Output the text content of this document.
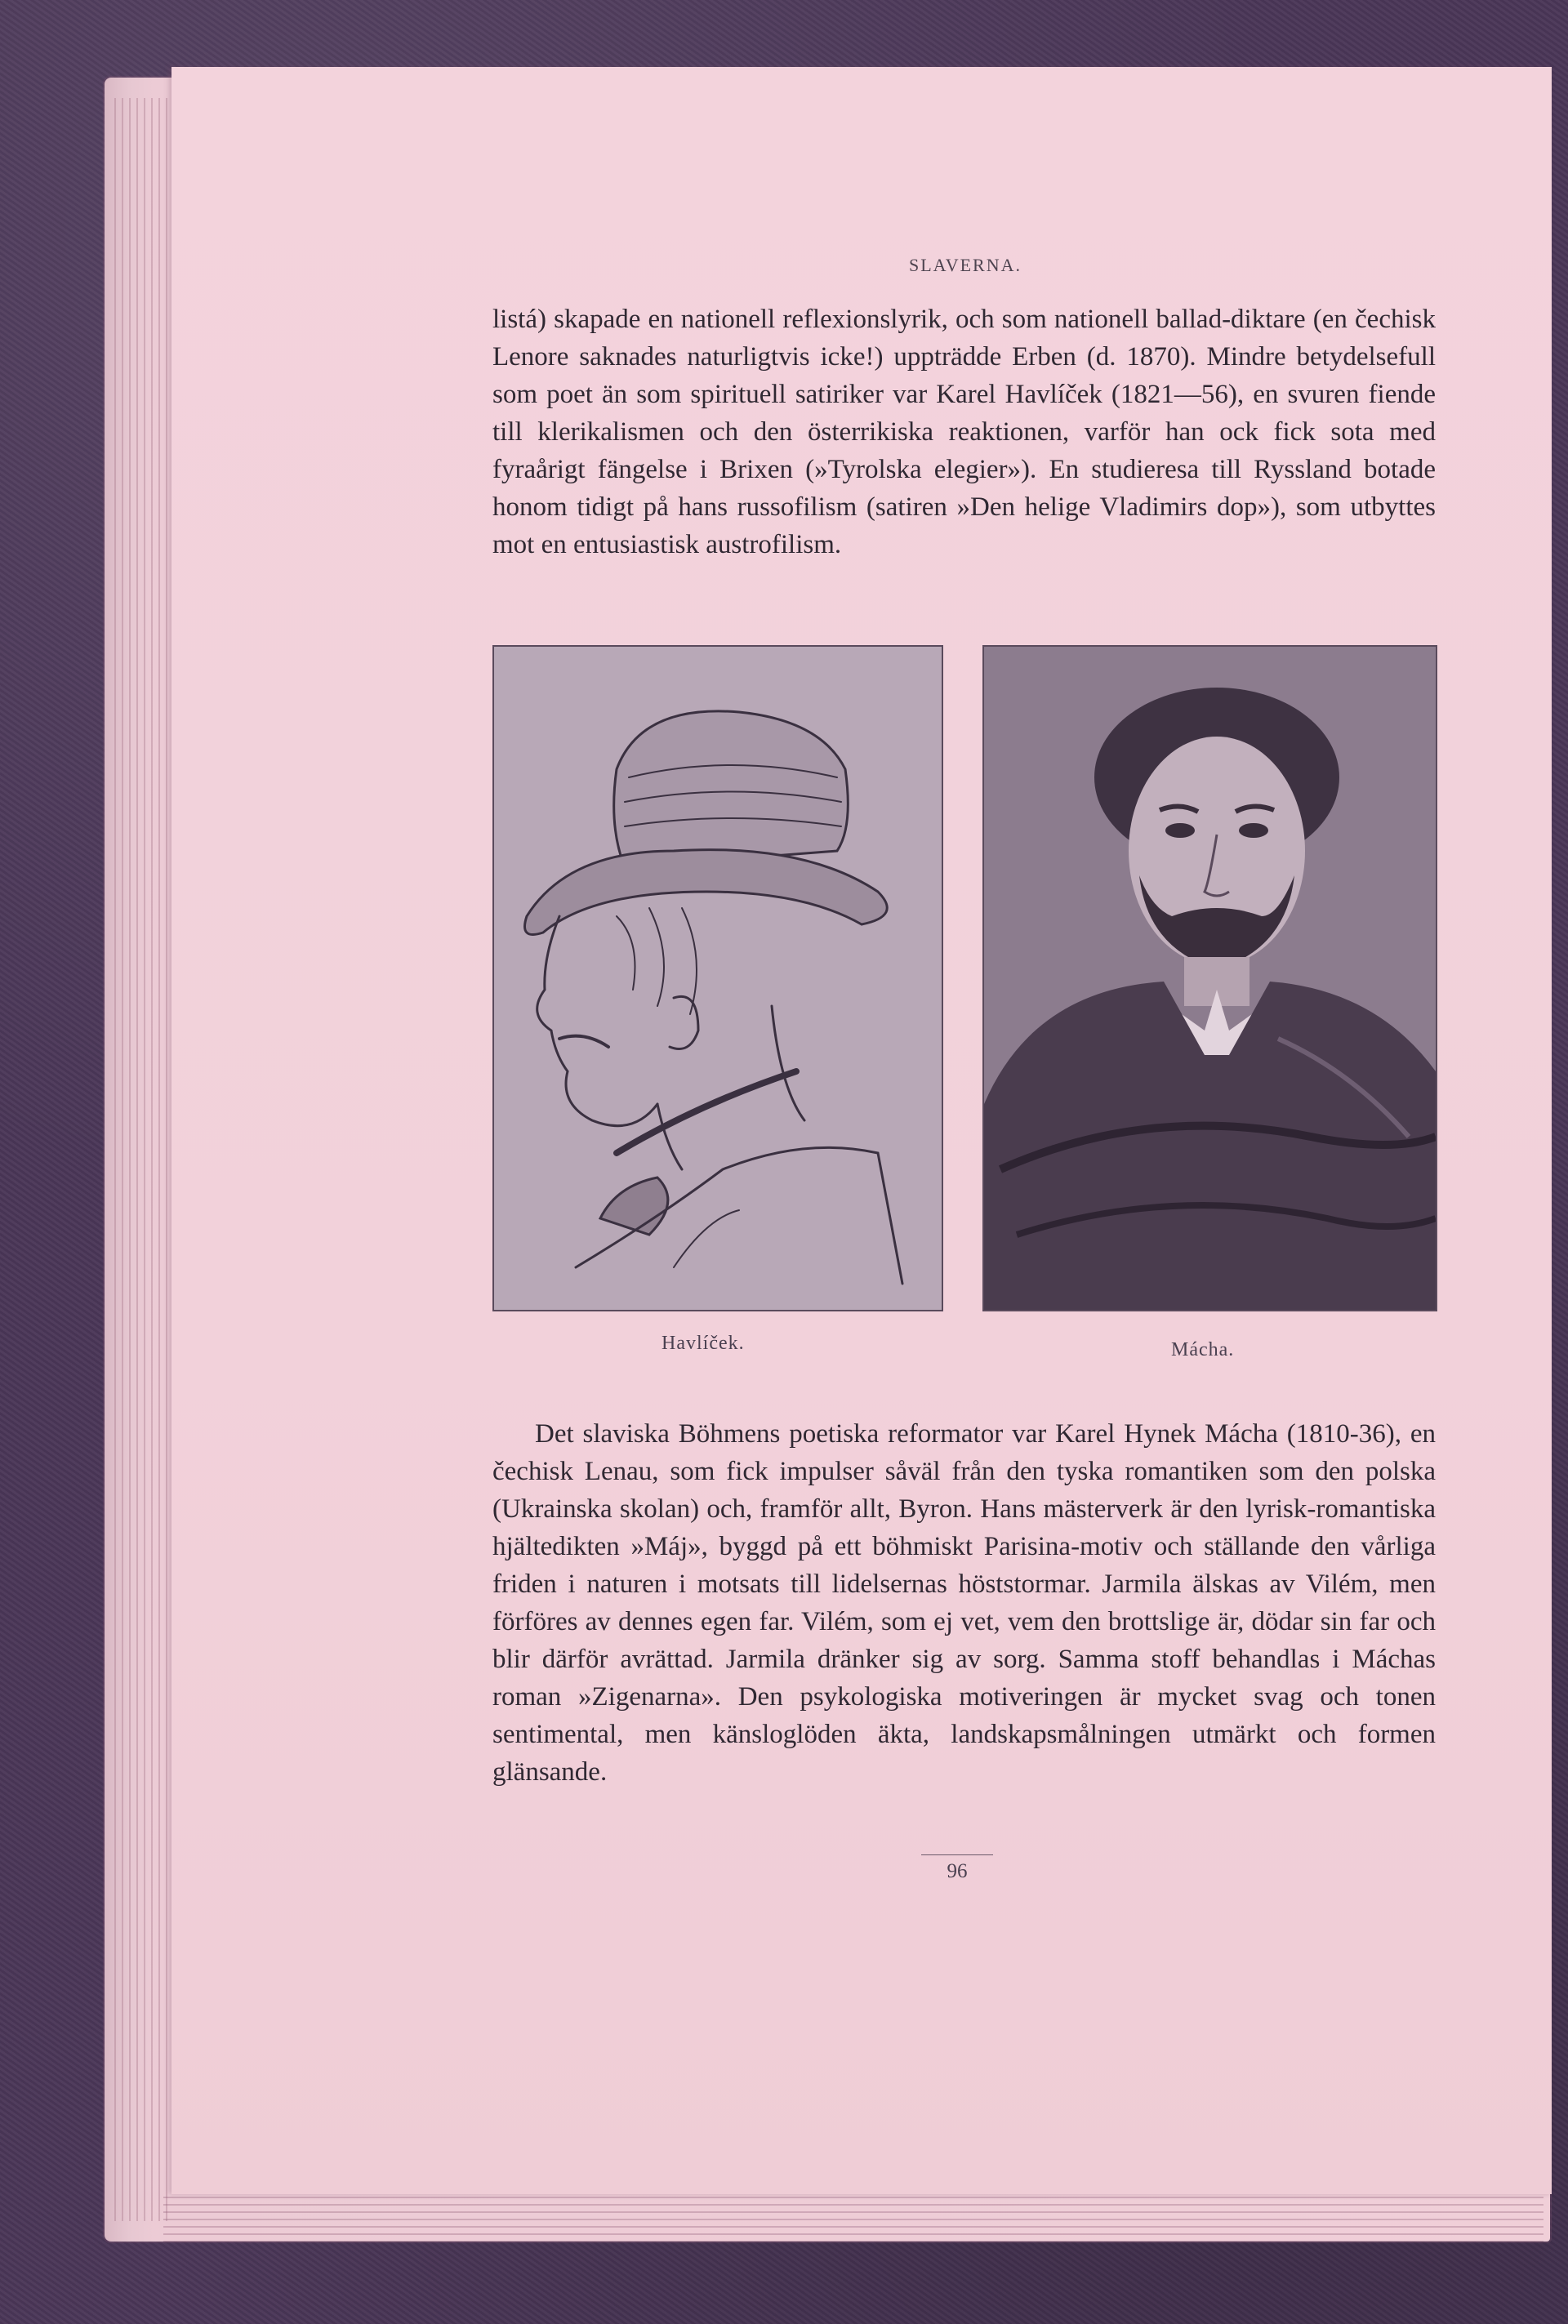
SLAVERNA.

listá) skapade en nationell reflexionslyrik, och som nationell ballad-diktare (en čechisk Lenore saknades naturligtvis icke!) uppträdde Erben (d. 1870). Mindre betydelsefull som poet än som spirituell satiriker var Karel Havlíček (1821—56), en svuren fiende till klerikalismen och den österrikiska reaktionen, varför han ock fick sota med fyraårigt fängelse i Brixen (»Tyrolska elegier»). En studieresa till Ryssland botade honom tidigt på hans russofilism (satiren »Den helige Vladimirs dop»), som utbyttes mot en entusiastisk austrofilism.

Havlíček.	Mácha.

Det slaviska Böhmens poetiska reformator var Karel Hynek Mácha (1810-36), en čechisk Lenau, som fick impulser såväl från den tyska romantiken som den polska (Ukrainska skolan) och, framför allt, Byron. Hans mästerverk är den lyrisk-romantiska hjältedikten »Máj», byggd på ett böhmiskt Parisina-motiv och ställande den vårliga friden i naturen i motsats till lidelsernas höststormar. Jarmila älskas av Vilém, men förföres av dennes egen far. Vilém, som ej vet, vem den brottslige är, dödar sin far och blir därför avrättad. Jarmila dränker sig av sorg. Samma stoff behandlas i Máchas roman »Zigenarna». Den psykologiska motiveringen är mycket svag och tonen sentimental, men känsloglöden äkta, landskapsmålningen utmärkt och formen glänsande.

96
